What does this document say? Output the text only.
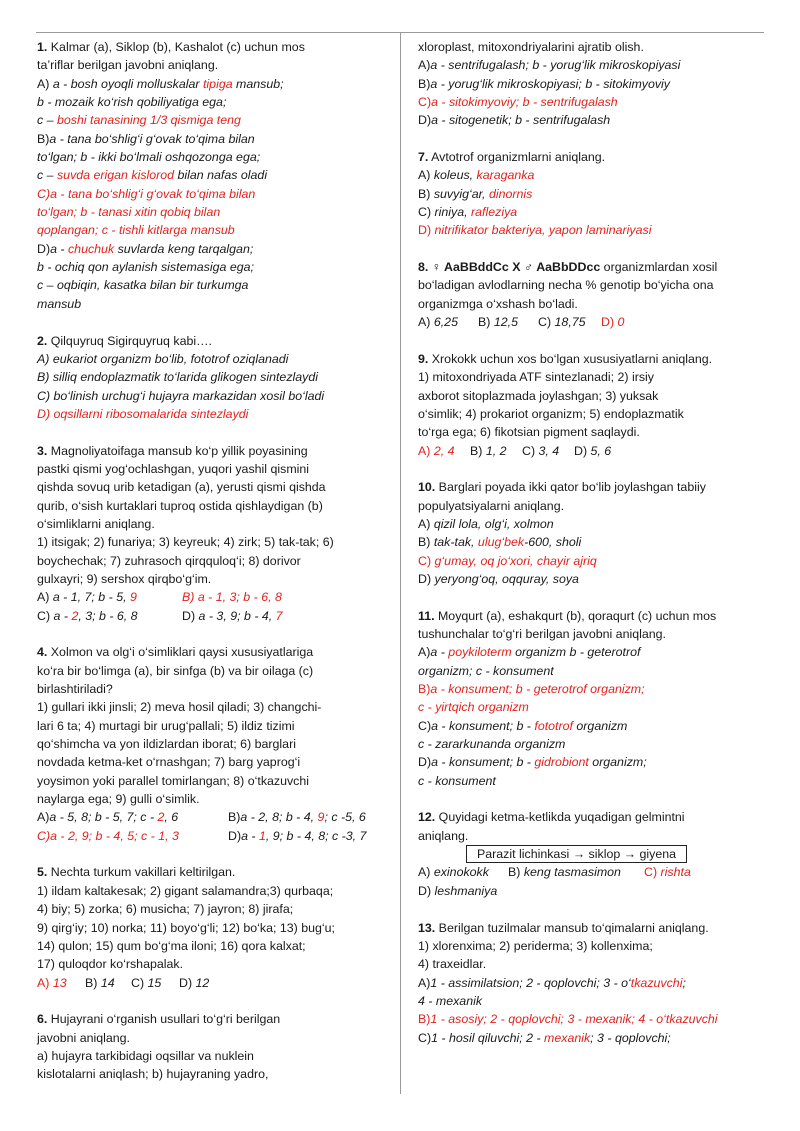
1. Kalmar (a), Siklop (b), Kashalot (c) uchun mos
ta’riflar berilgan javobni aniqlang.
A) a - bosh oyoqli molluskalar tipiga mansub;
b - mozaik ko‘rish qobiliyatiga ega;
c – boshi tanasining 1/3 qismiga teng
B)a - tana bo‘shlig‘i g‘ovak to‘qima bilan
to‘lgan; b - ikki bo‘lmali oshqozonga ega;
c – suvda erigan kislorod bilan nafas oladi
C)a - tana bo‘shlig‘i g‘ovak to‘qima bilan
to‘lgan; b - tanasi xitin qobiq bilan
qoplangan; c - tishli kitlarga mansub
D)a - chuchuk suvlarda keng tarqalgan;
b - ochiq qon aylanish sistemasiga ega;
c – oqbiqin, kasatka bilan bir turkumga
mansub
2. Qilquyruq Sigirquyruq kabi….
A) eukariot organizm bo‘lib, fototrof oziqlanadi
B) silliq endoplazmatik to‘larida glikogen sintezlaydi
C) bo‘linish urchug‘i hujayra markazidan xosil bo‘ladi
D) oqsillarni ribosomalarida sintezlaydi
3. Magnoliyatoifaga mansub ko‘p yillik poyasining
pastki qismi yog‘ochlashgan, yuqori yashil qismini
qishda sovuq urib ketadigan (a), yerusti qismi qishda
qurib, o‘sish kurtaklari tuproq ostida qishlaydigan (b)
o‘simliklarni aniqlang.
1) itsigak; 2) funariya; 3) keyreuk; 4) zirk; 5) tak-tak; 6)
boychechak; 7) zuhrasoch qirqquloq‘i; 8) dorivor
gulxayri; 9) sershox qirqbo‘g‘im.
A) a - 1, 7; b - 5, 9	B) a - 1, 3; b - 6, 8
C) a - 2, 3; b - 6, 8	D) a - 3, 9; b - 4, 7
4. Xolmon va olg‘i o‘simliklari qaysi xususiyatlariga
ko‘ra bir bo‘limga (a), bir sinfga (b) va bir oilaga (c)
birlashtiriladi?
1) gullari ikki jinsli; 2) meva hosil qiladi; 3) changchi-
lari 6 ta; 4) murtagi bir urug‘pallali; 5) ildiz tizimi
qo‘shimcha va yon ildizlardan iborat; 6) barglari
novdada ketma-ket o‘rnashgan; 7) barg yaprog‘i
yoysimon yoki parallel tomirlangan; 8) o‘tkazuvchi
naylarga ega; 9) gulli o‘simlik.
A)a - 5, 8; b - 5, 7; c - 2, 6	B)a - 2, 8; b - 4, 9; c -5, 6
C)a - 2, 9; b - 4, 5; c - 1, 3	D)a - 1, 9; b - 4, 8; c -3, 7
5. Nechta turkum vakillari keltirilgan.
1) ildam kaltakesak; 2) gigant salamandra;3) qurbaqa;
4) biy; 5) zorka; 6) musicha; 7) jayron; 8) jirafa;
9) qirg‘iy; 10) norka; 11) boyo‘g‘li; 12) bo‘ka; 13) bug‘u;
14) qulon; 15) qum bo‘g‘ma iloni; 16) qora kalxat;
17) quloqdor ko‘rshapalak.
A) 13 B) 14 C) 15 D) 12
6. Hujayrani o‘rganish usullari to‘g‘ri berilgan
javobni aniqlang.
a) hujayra tarkibidagi oqsillar va nuklein
kislotalarni aniqlash; b) hujayraning yadro,
xloroplast, mitoxondriyalarini ajratib olish.
A)a - sentrifugalash; b - yorug‘lik mikroskopiyasi
B)a - yorug‘lik mikroskopiyasi; b - sitokimyoviy
C)a - sitokimyoviy; b - sentrifugalash
D)a - sitogenetik; b - sentrifugalash
7. Avtotrof organizmlarni aniqlang.
A) koleus, karaganka
B) suvyig‘ar, dinornis
C) riniya, rafleziya
D) nitrifikator bakteriya, yapon laminariyasi
8. ♀ AaBBddCc X ♂ AaBbDDcc organizmlardan xosil
bo‘ladigan avlodlarning necha % genotip bo‘yicha ona
organizmga o‘xshash bo‘ladi.
A) 6,25 B) 12,5 C) 18,75 D) 0
9. Xrokokk uchun xos bo‘lgan xususiyatlarni aniqlang.
1) mitoxondriyada ATF sintezlanadi; 2) irsiy
axborot sitoplazmada joylashgan; 3) yuksak
o‘simlik; 4) prokariot organizm; 5) endoplazmatik
to‘rga ega; 6) fikotsian pigment saqlaydi.
A) 2, 4 B) 1, 2 C) 3, 4 D) 5, 6
10. Barglari poyada ikki qator bo‘lib joylashgan tabiiy
populyatsiyalarni aniqlang.
A) qizil lola, olg‘i, xolmon
B) tak-tak, ulug‘bek-600, sholi
C) g‘umay, oq jo‘xori, chayir ajriq
D) yeryong‘oq, oqquray, soya
11. Moyqurt (a), eshakqurt (b), qoraqurt (c) uchun mos
tushunchalar to‘g‘ri berilgan javobni aniqlang.
A)a - poykiloterm organizm b - geterotrof
organizm; c - konsument
B)a - konsument; b - geterotrof organizm;
c - yirtqich organizm
C)a - konsument; b - fototrof organizm
c - zararkunanda organizm
D)a - konsument; b - gidrobiont organizm;
c - konsument
12. Quyidagi ketma-ketlikda yuqadigan gelmintni
aniqlang.
Parazit lichinkasi → siklop → giyena
A) exinokokk B) keng tasmasimon C) rishta
D) leshmaniya
13. Berilgan tuzilmalar mansub to‘qimalarni aniqlang.
1) xlorenxima; 2) periderma; 3) kollenxima;
4) traxeidlar.
A)1 - assimilatsion; 2 - qoplovchi; 3 - o‘tkazuvchi;
4 - mexanik
B)1 - asosiy; 2 - qoplovchi; 3 - mexanik; 4 - o‘tkazuvchi
C)1 - hosil qiluvchi; 2 - mexanik; 3 - qoplovchi;
